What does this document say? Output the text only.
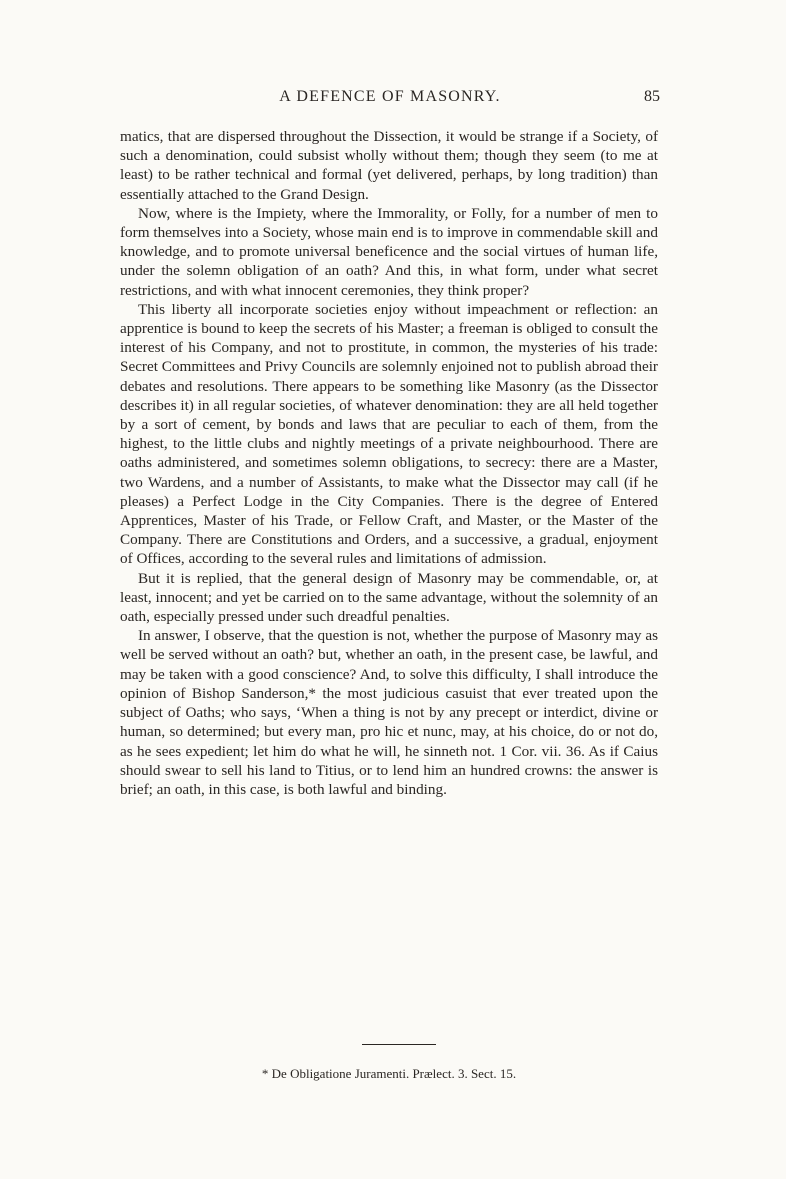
A DEFENCE OF MASONRY.	85

matics, that are dispersed throughout the Dissection, it would be strange if a Society, of such a denomination, could subsist wholly without them; though they seem (to me at least) to be rather technical and formal (yet delivered, perhaps, by long tradition) than essentially attached to the Grand Design.

Now, where is the Impiety, where the Immorality, or Folly, for a number of men to form themselves into a Society, whose main end is to improve in commendable skill and knowledge, and to promote universal beneficence and the social virtues of human life, under the solemn obligation of an oath? And this, in what form, under what secret restrictions, and with what innocent ceremonies, they think proper?

This liberty all incorporate societies enjoy without impeachment or reflection: an apprentice is bound to keep the secrets of his Master; a freeman is obliged to consult the interest of his Company, and not to prostitute, in common, the mysteries of his trade: Secret Committees and Privy Councils are solemnly enjoined not to publish abroad their debates and resolutions. There appears to be something like Masonry (as the Dissector describes it) in all regular societies, of whatever denomination: they are all held together by a sort of cement, by bonds and laws that are peculiar to each of them, from the highest, to the little clubs and nightly meetings of a private neighbourhood. There are oaths administered, and sometimes solemn obligations, to secrecy: there are a Master, two Wardens, and a number of Assistants, to make what the Dissector may call (if he pleases) a Perfect Lodge in the City Companies. There is the degree of Entered Apprentices, Master of his Trade, or Fellow Craft, and Master, or the Master of the Company. There are Constitutions and Orders, and a successive, a gradual, enjoyment of Offices, according to the several rules and limitations of admission.

But it is replied, that the general design of Masonry may be commendable, or, at least, innocent; and yet be carried on to the same advantage, without the solemnity of an oath, especially pressed under such dreadful penalties.

In answer, I observe, that the question is not, whether the purpose of Masonry may as well be served without an oath? but, whether an oath, in the present case, be lawful, and may be taken with a good conscience? And, to solve this difficulty, I shall introduce the opinion of Bishop Sanderson,* the most judicious casuist that ever treated upon the subject of Oaths; who says, ‘When a thing is not by any precept or interdict, divine or human, so determined; but every man, pro hic et nunc, may, at his choice, do or not do, as he sees expedient; let him do what he will, he sinneth not. 1 Cor. vii. 36. As if Caius should swear to sell his land to Titius, or to lend him an hundred crowns: the answer is brief; an oath, in this case, is both lawful and binding.

* De Obligatione Juramenti. Prælect. 3. Sect. 15.
